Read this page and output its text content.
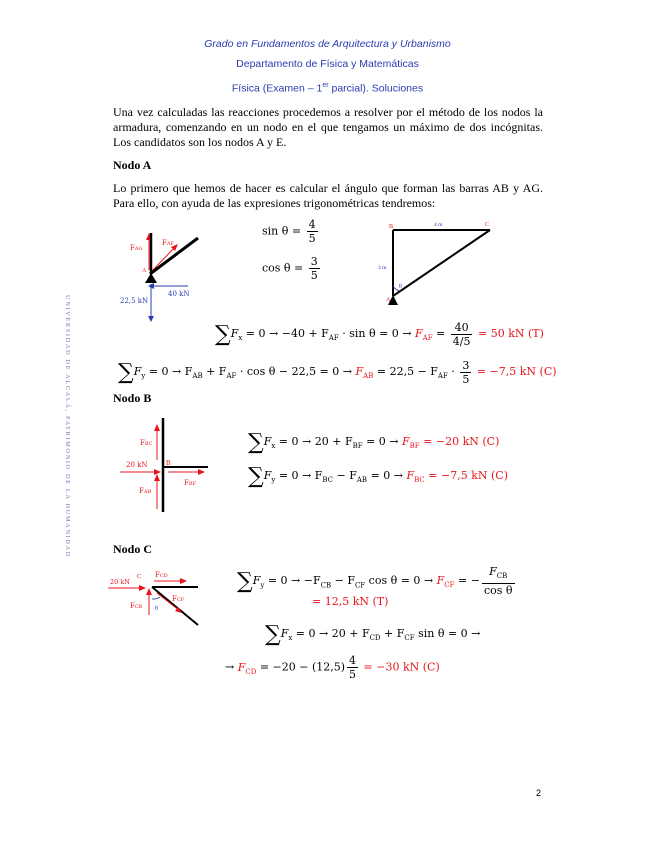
Grado en Fundamentos de Arquitectura y Urbanismo
Departamento de Física y Matemáticas
Física (Examen – 1er parcial). Soluciones
UNIVERSIDAD DE ALCALÁ, PATRIMONIO DE LA HUMANIDAD
Una vez calculadas las reacciones procedemos a resolver por el método de los nodos la armadura, comenzando en un nodo en el que tengamos un máximo de dos incógnitas. Los candidatos son los nodos A y E.
Nodo A
Lo primero que hemos de hacer es calcular el ángulo que forman las barras AB y AG. Para ello, con ayuda de las expresiones trigonométricas tendremos:
FAG
FAF
A
40 kN
22,5 kN
$\sin \theta = \frac{4}{5}$
$\cos \theta = \frac{3}{5}$
B	C
A
4 m
3 m
θ
$\sum F_x = 0 \to -40 + F_{AF} \cdot \sin \theta = 0 \to F_{AF} = \frac{40}{4/5} = 50$ kN (T)
$\sum F_y = 0 \to F_{AB} + F_{AF} \cdot \cos \theta - 22,5 = 0 \to F_{AB} = 22,5 - F_{AF} \cdot \frac{3}{5} = -7,5$ kN (C)
Nodo B
FBC
20 kN	B
FBF
FAB
$\sum F_x = 0 \to 20 + F_{BF} = 0 \to F_{BF} = -20$ kN (C)
$\sum F_y = 0 \to F_{BC} - F_{AB} = 0 \to F_{BC} = -7,5$ kN (C)
Nodo C
20 kN
C FCD
FCB
FCF
θ
$\sum F_y = 0 \to -F_{CB} - F_{CF}$ $\cos \theta = 0 \to F_{CF}$ = − $\frac{F_{CB}}{\text{cos θ}}$
= 12,5 kN (T)
$\sum F_x = 0 \to 20 + F_{CD} + F_{CF}$ sin θ = 0 →
→ $F_{CD} = -20 - (12,5) \frac{4}{5} = -30$ kN (C)
2
